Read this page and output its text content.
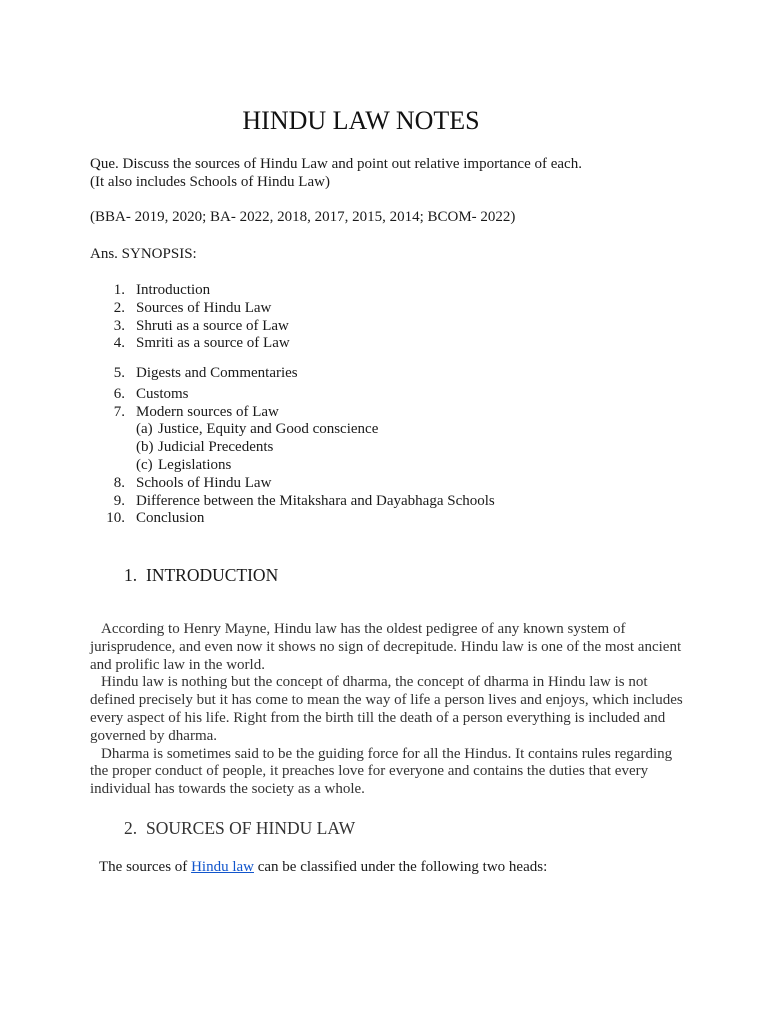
HINDU LAW NOTES
Que. Discuss the sources of Hindu Law and point out relative importance of each.
(It also includes Schools of Hindu Law)
(BBA- 2019, 2020; BA- 2022, 2018, 2017, 2015, 2014; BCOM- 2022)
Ans. SYNOPSIS:
1. Introduction
2. Sources of Hindu Law
3. Shruti as a source of Law
4. Smriti as a source of Law
5. Digests and Commentaries
6. Customs
7. Modern sources of Law
(a) Justice, Equity and Good conscience
(b) Judicial Precedents
(c) Legislations
8. Schools of Hindu Law
9. Difference between the Mitakshara and Dayabhaga Schools
10. Conclusion
1. INTRODUCTION

According to Henry Mayne, Hindu law has the oldest pedigree of any known system of jurisprudence, and even now it shows no sign of decrepitude. Hindu law is one of the most ancient and prolific law in the world.

Hindu law is nothing but the concept of dharma, the concept of dharma in Hindu law is not defined precisely but it has come to mean the way of life a person lives and enjoys, which includes every aspect of his life. Right from the birth till the death of a person everything is included and governed by dharma.

Dharma is sometimes said to be the guiding force for all the Hindus. It contains rules regarding the proper conduct of people, it preaches love for everyone and contains the duties that every individual has towards the society as a whole.

2. SOURCES OF HINDU LAW
The sources of Hindu law can be classified under the following two heads:
